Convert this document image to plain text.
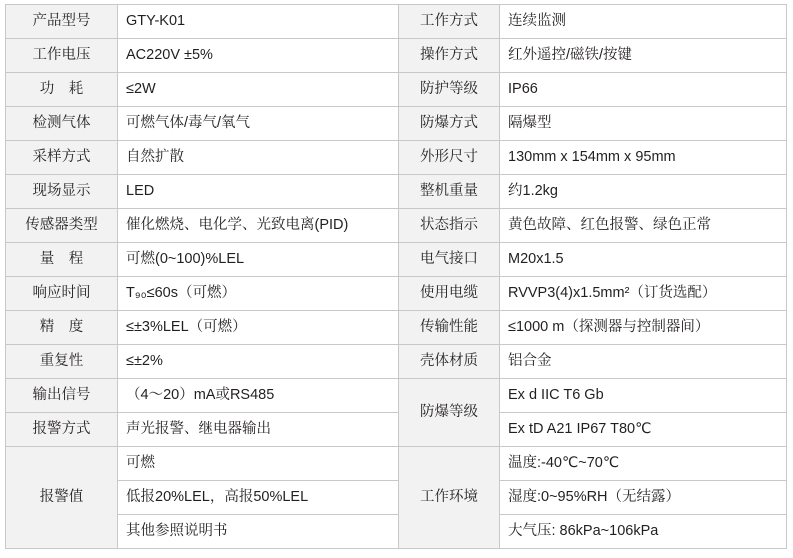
产品型号	GTY-K01	工作方式	连续监测
工作电压	AC220V ±5%	操作方式	红外遥控/磁铁/按键
功　耗	≤2W	防护等级	IP66
检测气体	可燃气体/毒气/氧气	防爆方式	隔爆型
采样方式	自然扩散	外形尺寸	130mm x 154mm x 95mm
现场显示	LED	整机重量	约1.2kg
传感器类型	催化燃烧、电化学、光致电离(PID)	状态指示	黄色故障、红色报警、绿色正常
量　程	可燃(0~100)%LEL	电气接口	M20x1.5
响应时间	T₉₀≤60s（可燃）	使用电缆	RVVP3(4)x1.5mm²（订货选配）
精　度	≤±3%LEL（可燃）	传输性能	≤1000 m（探测器与控制器间）
重复性	≤±2%	壳体材质	铝合金
输出信号	（4～20）mA或RS485	防爆等级	Ex d IIC T6 Gb
报警方式	声光报警、继电器输出		Ex tD A21 IP67 T80℃
报警值	可燃	工作环境	温度:-40℃~70℃
	低报20%LEL，高报50%LEL		湿度:0~95%RH（无结露）
	其他参照说明书		大气压: 86kPa~106kPa
